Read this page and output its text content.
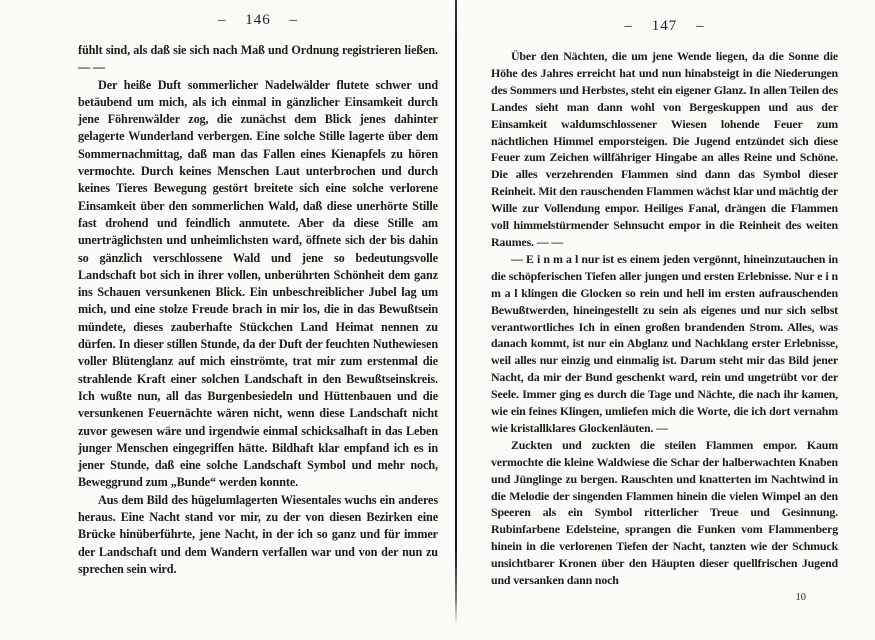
– 146 –

fühlt sind, als daß sie sich nach Maß und Ordnung registrieren ließen. — —

Der heiße Duft sommerlicher Nadelwälder flutete schwer und betäubend um mich, als ich einmal in gänzlicher Einsamkeit durch jene Föhrenwälder zog, die zunächst dem Blick jenes dahinter gelagerte Wunderland verbergen. Eine solche Stille lagerte über dem Sommernachmittag, daß man das Fallen eines Kienapfels zu hören vermochte. Durch keines Menschen Laut unterbrochen und durch keines Tieres Bewegung gestört breitete sich eine solche verlorene Einsamkeit über den sommerlichen Wald, daß diese unerhörte Stille fast drohend und feindlich anmutete. Aber da diese Stille am unerträglichsten und unheimlichsten ward, öffnete sich der bis dahin so gänzlich verschlossene Wald und jene so bedeutungsvolle Landschaft bot sich in ihrer vollen, unberührten Schönheit dem ganz ins Schauen versunkenen Blick. Ein unbeschreiblicher Jubel lag um mich, und eine stolze Freude brach in mir los, die in das Bewußtsein mündete, dieses zauberhafte Stückchen Land Heimat nennen zu dürfen. In dieser stillen Stunde, da der Duft der feuchten Nuthewiesen voller Blütenglanz auf mich einströmte, trat mir zum erstenmal die strahlende Kraft einer solchen Landschaft in den Bewußtseinskreis. Ich wußte nun, all das Burgenbesiedeln und Hüttenbauen und die versunkenen Feuernächte wären nicht, wenn diese Landschaft nicht zuvor gewesen wäre und irgendwie einmal schicksalhaft in das Leben junger Menschen eingegriffen hätte. Bildhaft klar empfand ich es in jener Stunde, daß eine solche Landschaft Symbol und mehr noch, Beweggrund zum „Bunde“ werden konnte.

Aus dem Bild des hügelumlagerten Wiesentales wuchs ein anderes heraus. Eine Nacht stand vor mir, zu der von diesen Bezirken eine Brücke hinüberführte, jene Nacht, in der ich so ganz und für immer der Landschaft und dem Wandern verfallen war und von der nun zu sprechen sein wird.

– 147 –

Über den Nächten, die um jene Wende liegen, da die Sonne die Höhe des Jahres erreicht hat und nun hinabsteigt in die Niederungen des Sommers und Herbstes, steht ein eigener Glanz. In allen Teilen des Landes sieht man dann wohl von Bergeskuppen und aus der Einsamkeit waldumschlossener Wiesen lohende Feuer zum nächtlichen Himmel emporsteigen. Die Jugend entzündet sich diese Feuer zum Zeichen willfähriger Hingabe an alles Reine und Schöne. Die alles verzehrenden Flammen sind dann das Symbol dieser Reinheit. Mit den rauschenden Flammen wächst klar und mächtig der Wille zur Vollendung empor. Heiliges Fanal, drängen die Flammen voll himmelstürmender Sehnsucht empor in die Reinheit des weiten Raumes. — —

— E i n m a l nur ist es einem jeden vergönnt, hineinzutauchen in die schöpferischen Tiefen aller jungen und ersten Erlebnisse. Nur e i n m a l klingen die Glocken so rein und hell im ersten aufrauschenden Bewußtwerden, hineingestellt zu sein als eigenes und nur sich selbst verantwortliches Ich in einen großen brandenden Strom. Alles, was danach kommt, ist nur ein Abglanz und Nachklang erster Erlebnisse, weil alles nur einzig und einmalig ist. Darum steht mir das Bild jener Nacht, da mir der Bund geschenkt ward, rein und ungetrübt vor der Seele. Immer ging es durch die Tage und Nächte, die nach ihr kamen, wie ein feines Klingen, umliefen mich die Worte, die ich dort vernahm wie kristallklares Glockenläuten. —

Zuckten und zuckten die steilen Flammen empor. Kaum vermochte die kleine Waldwiese die Schar der halberwachten Knaben und Jünglinge zu bergen. Rauschten und knatterten im Nachtwind in die Melodie der singenden Flammen hinein die vielen Wimpel an den Speeren als ein Symbol ritterlicher Treue und Gesinnung. Rubinfarbene Edelsteine, sprangen die Funken vom Flammenberg hinein in die verlorenen Tiefen der Nacht, tanzten wie der Schmuck unsichtbarer Kronen über den Häupten dieser quellfrischen Jugend und versanken dann noch

10
